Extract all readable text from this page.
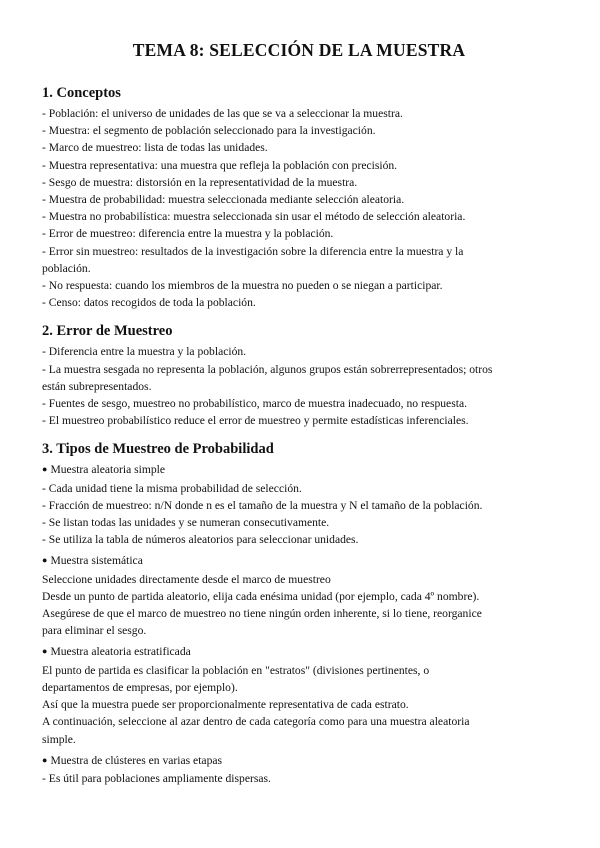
TEMA 8: SELECCIÓN DE LA MUESTRA
1. Conceptos

- Población: el universo de unidades de las que se va a seleccionar la muestra.

- Muestra: el segmento de población seleccionado para la investigación.

- Marco de muestreo: lista de todas las unidades.

- Muestra representativa: una muestra que refleja la población con precisión.

- Sesgo de muestra: distorsión en la representatividad de la muestra.

- Muestra de probabilidad: muestra seleccionada mediante selección aleatoria.

- Muestra no probabilística: muestra seleccionada sin usar el método de selección aleatoria.

- Error de muestreo: diferencia entre la muestra y la población.

- Error sin muestreo: resultados de la investigación sobre la diferencia entre la muestra y la

población.

- No respuesta: cuando los miembros de la muestra no pueden o se niegan a participar.

- Censo: datos recogidos de toda la población.

2. Error de Muestreo

- Diferencia entre la muestra y la población.

- La muestra sesgada no representa la población, algunos grupos están sobrerrepresentados; otros

están subrepresentados.

- Fuentes de sesgo, muestreo no probabilístico, marco de muestra inadecuado, no respuesta.

- El muestreo probabilístico reduce el error de muestreo y permite estadísticas inferenciales.

3. Tipos de Muestreo de Probabilidad

● Muestra aleatoria simple

- Cada unidad tiene la misma probabilidad de selección.

- Fracción de muestreo: n/N donde n es el tamaño de la muestra y N el tamaño de la población.

- Se listan todas las unidades y se numeran consecutivamente.

- Se utiliza la tabla de números aleatorios para seleccionar unidades.

● Muestra sistemática

Seleccione unidades directamente desde el marco de muestreo

Desde un punto de partida aleatorio, elija cada enésima unidad (por ejemplo, cada 4º nombre).

Asegúrese de que el marco de muestreo no tiene ningún orden inherente, si lo tiene, reorganice

para eliminar el sesgo.

● Muestra aleatoria estratificada

El punto de partida es clasificar la población en "estratos" (divisiones pertinentes, o

departamentos de empresas, por ejemplo).

Así que la muestra puede ser proporcionalmente representativa de cada estrato.

A continuación, seleccione al azar dentro de cada categoría como para una muestra aleatoria

simple.

● Muestra de clústeres en varias etapas

- Es útil para poblaciones ampliamente dispersas.
